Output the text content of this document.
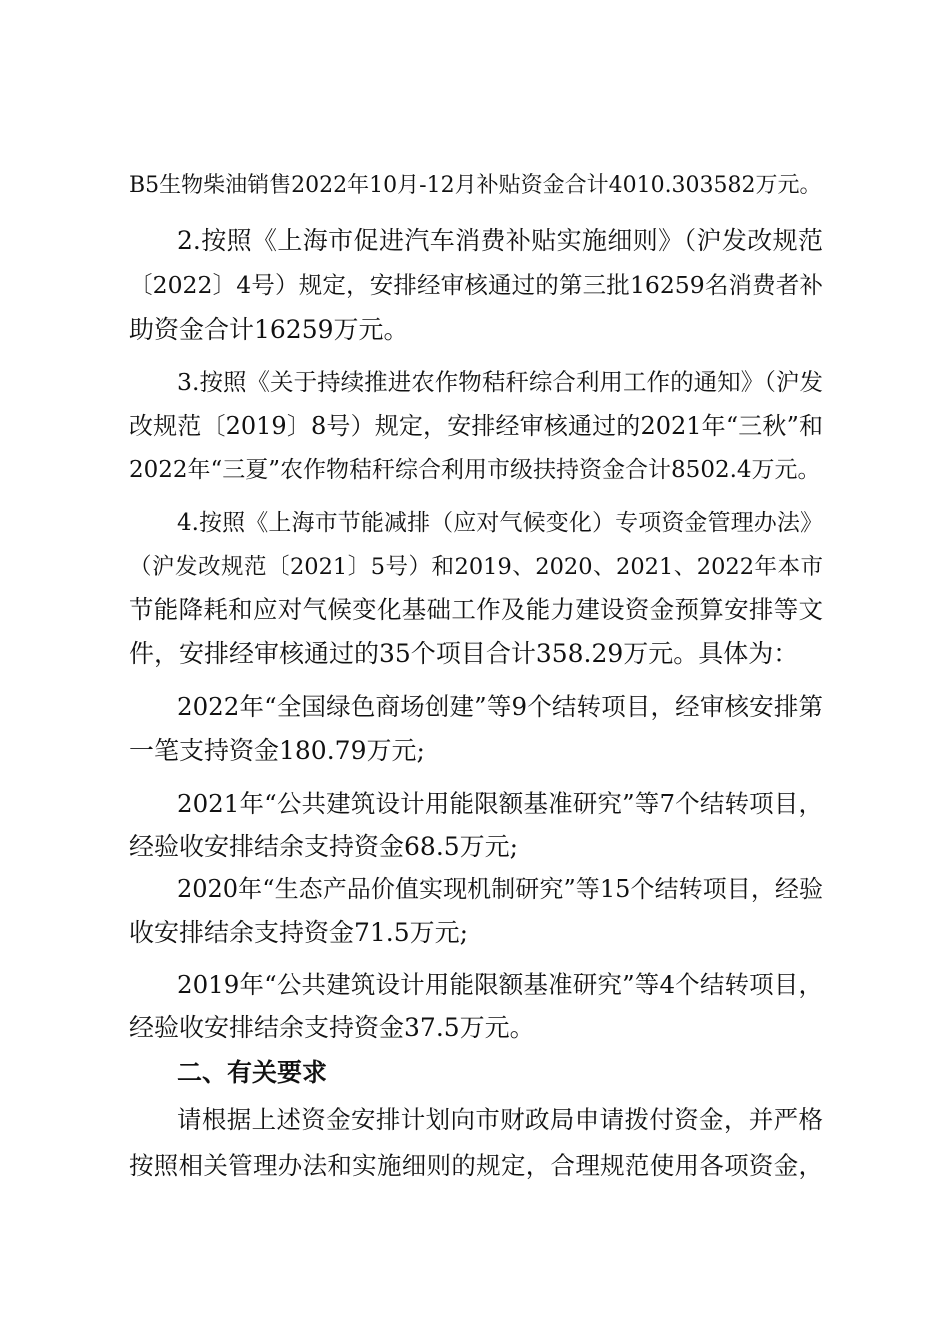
B5生物柴油销售2022年10月-12月补贴资金合计4010.303582万元。
2.按照《上海市促进汽车消费补贴实施细则》（沪发改规范
〔2022〕4号）规定，安排经审核通过的第三批16259名消费者补
助资金合计16259万元。
3.按照《关于持续推进农作物秸秆综合利用工作的通知》（沪发
改规范〔2019〕8号）规定，安排经审核通过的2021年“三秋”和
2022年“三夏”农作物秸秆综合利用市级扶持资金合计8502.4万元。
4.按照《上海市节能减排（应对气候变化）专项资金管理办法》
（沪发改规范〔2021〕5号）和2019、2020、2021、2022年本市
节能降耗和应对气候变化基础工作及能力建设资金预算安排等文
件，安排经审核通过的35个项目合计358.29万元。具体为：
2022年“全国绿色商场创建”等9个结转项目，经审核安排第
一笔支持资金180.79万元;
2021年“公共建筑设计用能限额基准研究”等7个结转项目，
经验收安排结余支持资金68.5万元;
2020年“生态产品价值实现机制研究”等15个结转项目，经验
收安排结余支持资金71.5万元;
2019年“公共建筑设计用能限额基准研究”等4个结转项目，
经验收安排结余支持资金37.5万元。
二、有关要求
请根据上述资金安排计划向市财政局申请拨付资金，并严格
按照相关管理办法和实施细则的规定，合理规范使用各项资金，
